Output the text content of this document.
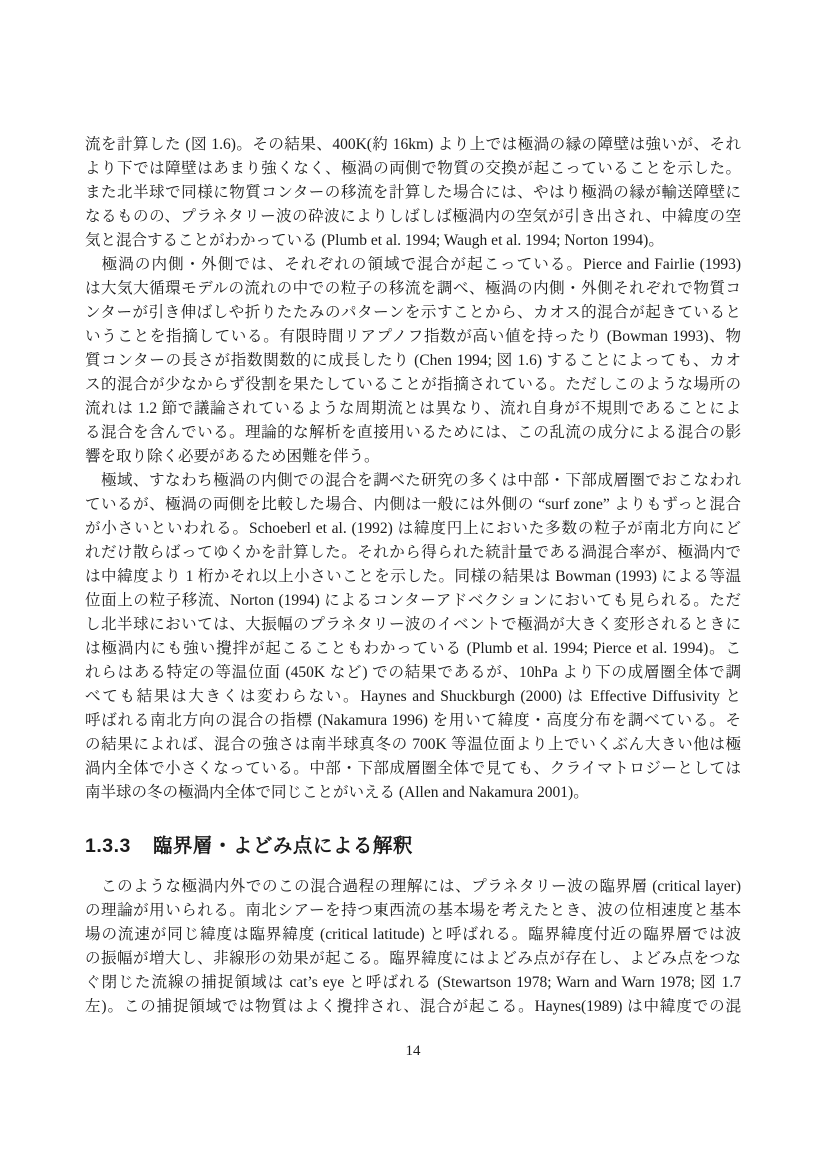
流を計算した (図 1.6)。その結果、400K(約 16km) より上では極渦の縁の障壁は強いが、それ
より下では障壁はあまり強くなく、極渦の両側で物質の交換が起こっていることを示した。
また北半球で同様に物質コンターの移流を計算した場合には、やはり極渦の縁が輸送障壁に
なるものの、プラネタリー波の砕波によりしばしば極渦内の空気が引き出され、中緯度の空
気と混合することがわかっている (Plumb et al. 1994; Waugh et al. 1994; Norton 1994)。
　極渦の内側・外側では、それぞれの領域で混合が起こっている。Pierce and Fairlie (1993)
は大気大循環モデルの流れの中での粒子の移流を調べ、極渦の内側・外側それぞれで物質コ
ンターが引き伸ばしや折りたたみのパターンを示すことから、カオス的混合が起きていると
いうことを指摘している。有限時間リアプノフ指数が高い値を持ったり (Bowman 1993)、物
質コンターの長さが指数関数的に成長したり (Chen 1994; 図 1.6) することによっても、カオ
ス的混合が少なからず役割を果たしていることが指摘されている。ただしこのような場所の
流れは 1.2 節で議論されているような周期流とは異なり、流れ自身が不規則であることによ
る混合を含んでいる。理論的な解析を直接用いるためには、この乱流の成分による混合の影
響を取り除く必要があるため困難を伴う。
　極域、すなわち極渦の内側での混合を調べた研究の多くは中部・下部成層圏でおこなわれ
ているが、極渦の両側を比較した場合、内側は一般には外側の “surf zone” よりもずっと混合
が小さいといわれる。Schoeberl et al. (1992) は緯度円上においた多数の粒子が南北方向にど
れだけ散らばってゆくかを計算した。それから得られた統計量である渦混合率が、極渦内で
は中緯度より 1 桁かそれ以上小さいことを示した。同様の結果は Bowman (1993) による等温
位面上の粒子移流、Norton (1994) によるコンターアドベクションにおいても見られる。ただ
し北半球においては、大振幅のプラネタリー波のイベントで極渦が大きく変形されるときに
は極渦内にも強い攪拌が起こることもわかっている (Plumb et al. 1994; Pierce et al. 1994)。こ
れらはある特定の等温位面 (450K など) での結果であるが、10hPa より下の成層圏全体で調
べても結果は大きくは変わらない。Haynes and Shuckburgh (2000) は Effective Diffusivity と
呼ばれる南北方向の混合の指標 (Nakamura 1996) を用いて緯度・高度分布を調べている。そ
の結果によれば、混合の強さは南半球真冬の 700K 等温位面より上でいくぶん大きい他は極
渦内全体で小さくなっている。中部・下部成層圏全体で見ても、クライマトロジーとしては
南半球の冬の極渦内全体で同じことがいえる (Allen and Nakamura 2001)。
1.3.3 臨界層・よどみ点による解釈
　このような極渦内外でのこの混合過程の理解には、プラネタリー波の臨界層 (critical layer)
の理論が用いられる。南北シアーを持つ東西流の基本場を考えたとき、波の位相速度と基本
場の流速が同じ緯度は臨界緯度 (critical latitude) と呼ばれる。臨界緯度付近の臨界層では波
の振幅が増大し、非線形の効果が起こる。臨界緯度にはよどみ点が存在し、よどみ点をつな
ぐ閉じた流線の捕捉領域は cat’s eye と呼ばれる (Stewartson 1978; Warn and Warn 1978; 図 1.7
左)。この捕捉領域では物質はよく攪拌され、混合が起こる。Haynes(1989) は中緯度での混
14
